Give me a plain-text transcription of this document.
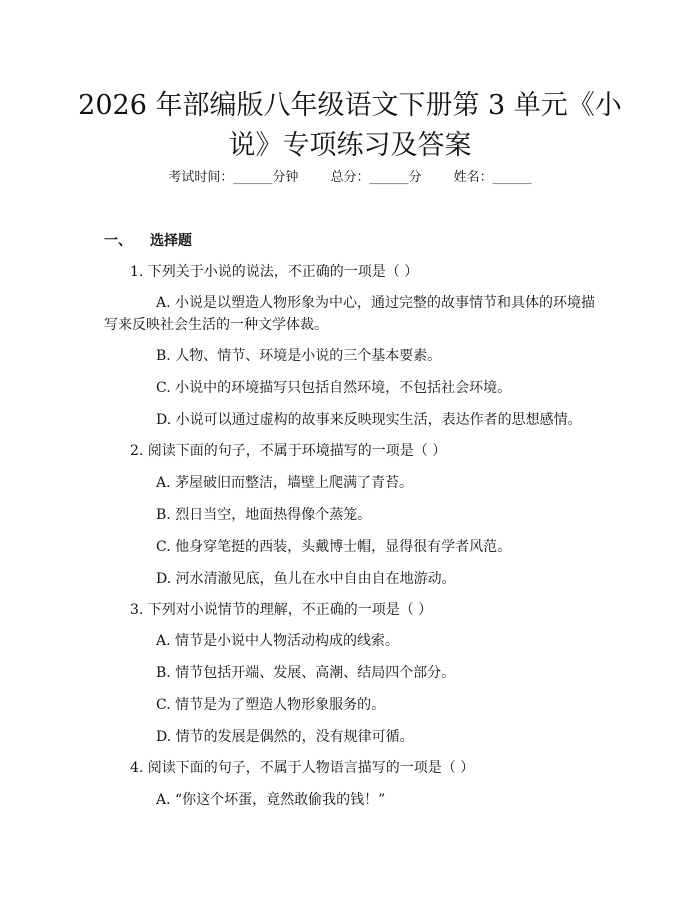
2026 年部编版八年级语文下册第 3 单元《小
说》专项练习及答案
考试时间：______分钟 总分：______分 姓名：______
一、 选择题
1. 下列关于小说的说法，不正确的一项是（ ）
A. 小说是以塑造人物形象为中心，通过完整的故事情节和具体的环境描
写来反映社会生活的一种文学体裁。
B. 人物、情节、环境是小说的三个基本要素。
C. 小说中的环境描写只包括自然环境，不包括社会环境。
D. 小说可以通过虚构的故事来反映现实生活，表达作者的思想感情。
2. 阅读下面的句子，不属于环境描写的一项是（ ）
A. 茅屋破旧而整洁，墙壁上爬满了青苔。
B. 烈日当空，地面热得像个蒸笼。
C. 他身穿笔挺的西装，头戴博士帽，显得很有学者风范。
D. 河水清澈见底，鱼儿在水中自由自在地游动。
3. 下列对小说情节的理解，不正确的一项是（ ）
A. 情节是小说中人物活动构成的线索。
B. 情节包括开端、发展、高潮、结局四个部分。
C. 情节是为了塑造人物形象服务的。
D. 情节的发展是偶然的，没有规律可循。
4. 阅读下面的句子，不属于人物语言描写的一项是（ ）
A. “你这个坏蛋，竟然敢偷我的钱！”
